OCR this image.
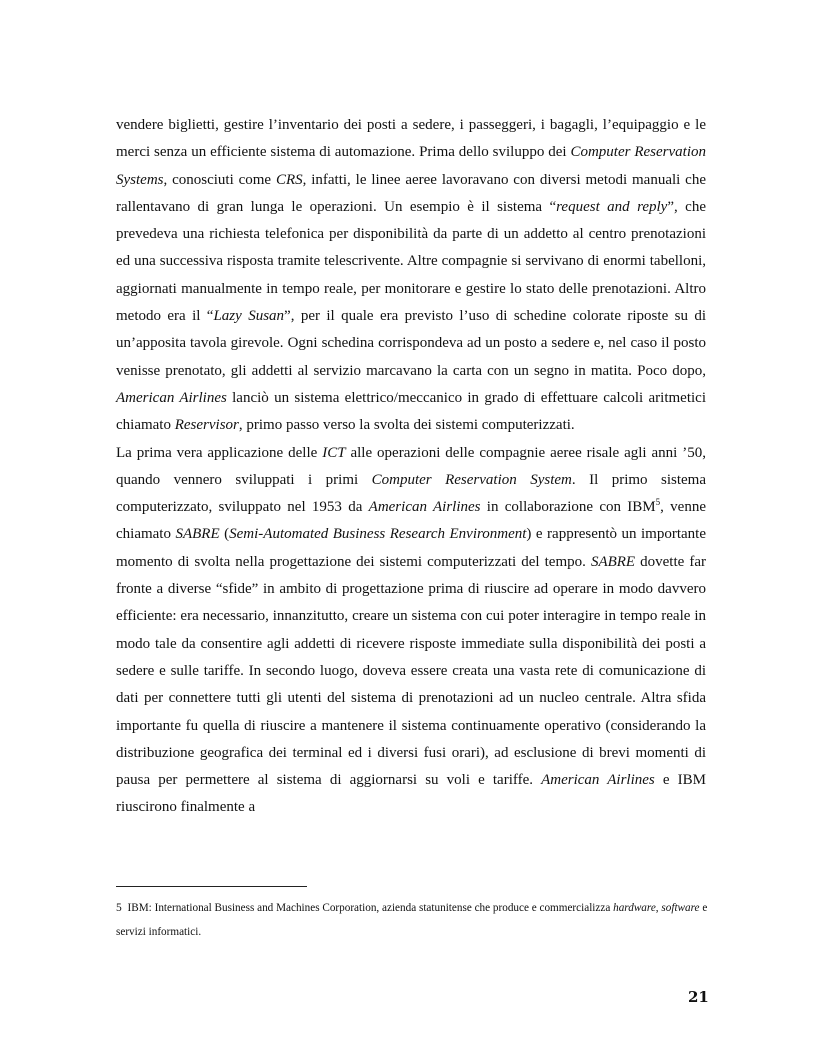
vendere biglietti, gestire l’inventario dei posti a sedere, i passeggeri, i bagagli, l’equipaggio e le merci senza un efficiente sistema di automazione. Prima dello sviluppo dei Computer Reservation Systems, conosciuti come CRS, infatti, le linee aeree lavoravano con diversi metodi manuali che rallentavano di gran lunga le operazioni. Un esempio è il sistema “request and reply”, che prevedeva una richiesta telefonica per disponibilità da parte di un addetto al centro prenotazioni ed una successiva risposta tramite telescrivente. Altre compagnie si servivano di enormi tabelloni, aggiornati manualmente in tempo reale, per monitorare e gestire lo stato delle prenotazioni. Altro metodo era il “Lazy Susan”, per il quale era previsto l’uso di schedine colorate riposte su di un’apposita tavola girevole. Ogni schedina corrispondeva ad un posto a sedere e, nel caso il posto venisse prenotato, gli addetti al servizio marcavano la carta con un segno in matita. Poco dopo, American Airlines lanciò un sistema elettrico/meccanico in grado di effettuare calcoli aritmetici chiamato Reservisor, primo passo verso la svolta dei sistemi computerizzati.

La prima vera applicazione delle ICT alle operazioni delle compagnie aeree risale agli anni ’50, quando vennero sviluppati i primi Computer Reservation System. Il primo sistema computerizzato, sviluppato nel 1953 da American Airlines in collaborazione con IBM$^5$, venne chiamato SABRE (Semi-Automated Business Research Environment) e rappresentò un importante momento di svolta nella progettazione dei sistemi computerizzati del tempo. SABRE dovette far fronte a diverse “sfide” in ambito di progettazione prima di riuscire ad operare in modo davvero efficiente: era necessario, innanzitutto, creare un sistema con cui poter interagire in tempo reale in modo tale da consentire agli addetti di ricevere risposte immediate sulla disponibilità dei posti a sedere e sulle tariffe. In secondo luogo, doveva essere creata una vasta rete di comunicazione di dati per connettere tutti gli utenti del sistema di prenotazioni ad un nucleo centrale. Altra sfida importante fu quella di riuscire a mantenere il sistema continuamente operativo (considerando la distribuzione geografica dei terminal ed i diversi fusi orari), ad esclusione di brevi momenti di pausa per permettere al sistema di aggiornarsi su voli e tariffe. American Airlines e IBM riuscirono finalmente a

5 IBM: International Business and Machines Corporation, azienda statunitense che produce e commercializza hardware, software e servizi informatici.
21
